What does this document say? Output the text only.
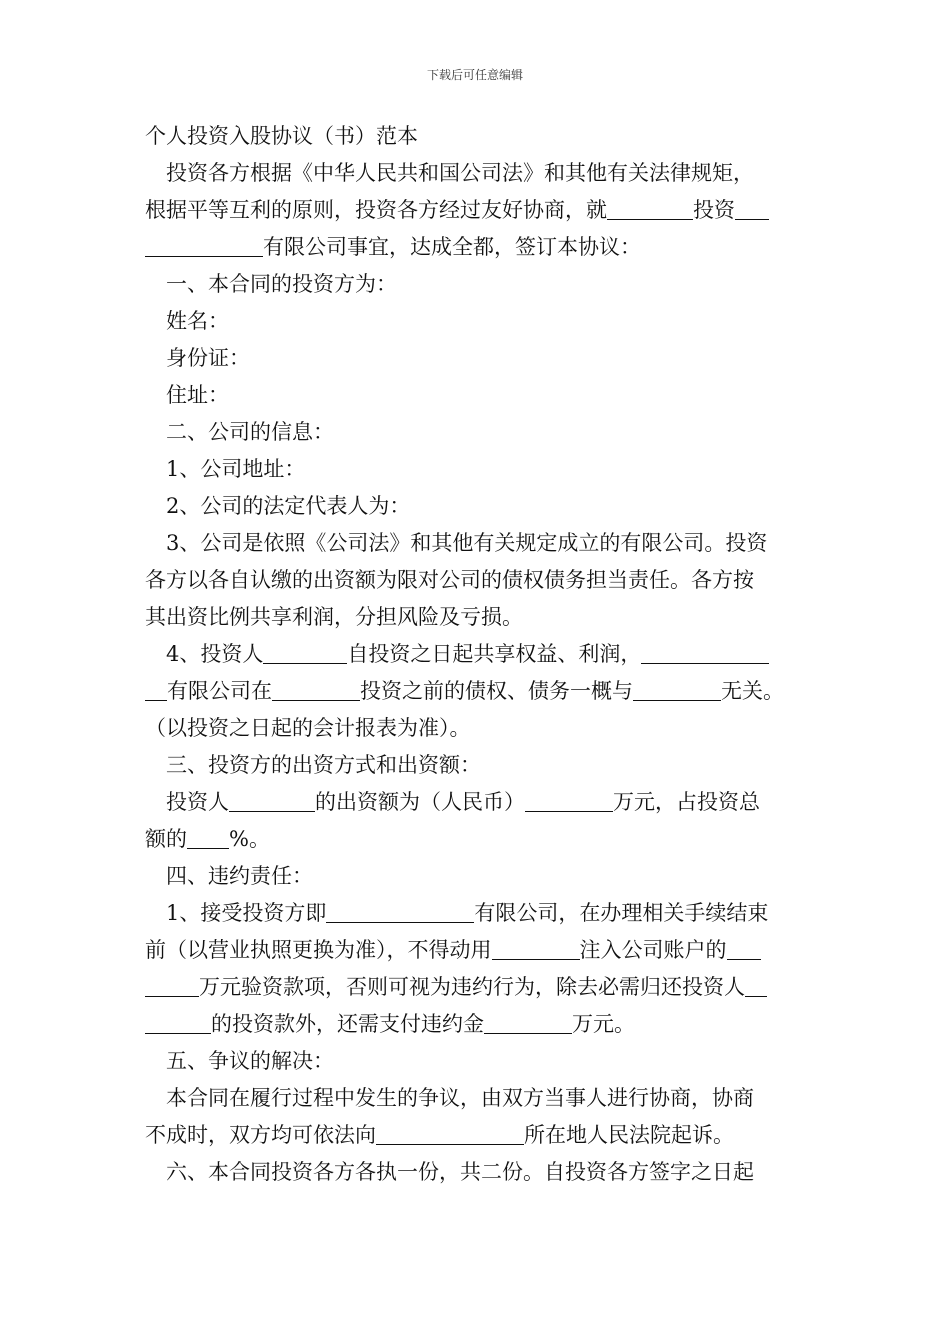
下载后可任意编辑
个人投资入股协议（书）范本
投资各方根据《中华人民共和国公司法》和其他有关法律规矩，
根据平等互利的原则，投资各方经过友好协商，就	投资
有限公司事宜，达成全都，签订本协议：
一、本合同的投资方为：
姓名：
身份证：
住址：
二、公司的信息：
1、公司地址：
2、公司的法定代表人为：
3、公司是依照《公司法》和其他有关规定成立的有限公司。投资
各方以各自认缴的出资额为限对公司的债权债务担当责任。各方按
其出资比例共享利润，分担风险及亏损。
4、投资人	自投资之日起共享权益、利润，
有限公司在	投资之前的债权、债务一概与	无关。
（以投资之日起的会计报表为准）。
三、投资方的出资方式和出资额：
投资人	的出资额为（人民币）	万元，占投资总
额的 %。
四、违约责任：
1、接受投资方即	有限公司，在办理相关手续结束
前（以营业执照更换为准），不得动用	注入公司账户的
万元验资款项，否则可视为违约行为，除去必需归还投资人
的投资款外，还需支付违约金	万元。
五、争议的解决：
本合同在履行过程中发生的争议，由双方当事人进行协商，协商
不成时，双方均可依法向	所在地人民法院起诉。
六、本合同投资各方各执一份，共二份。自投资各方签字之日起
